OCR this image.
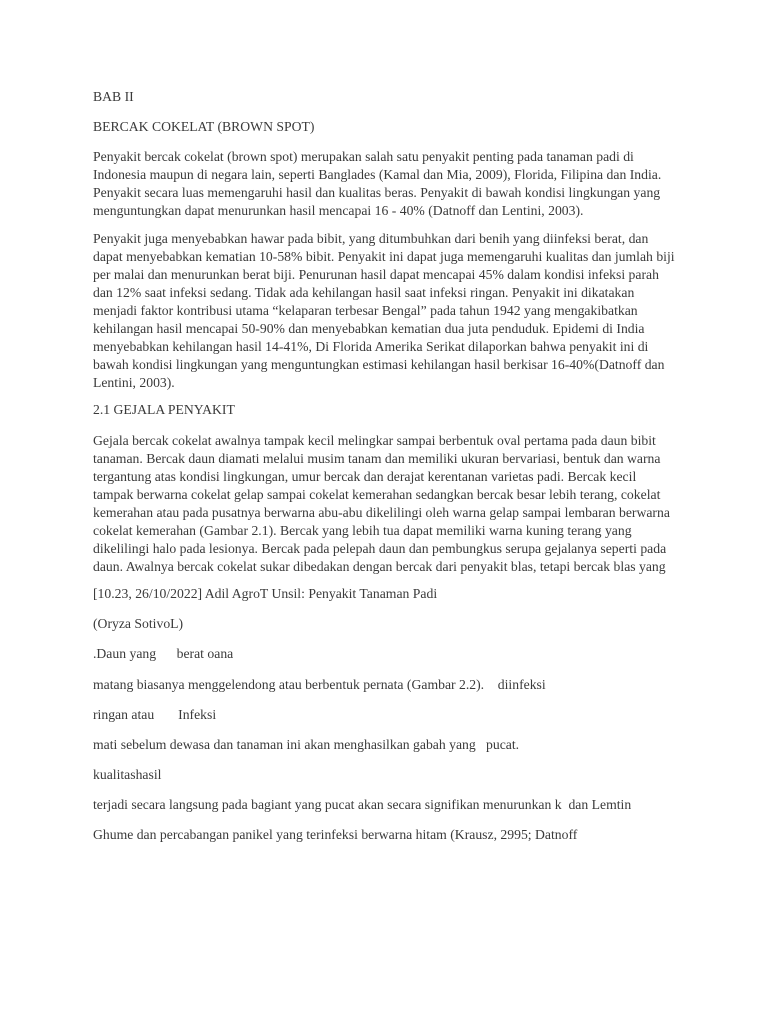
BAB II

BERCAK COKELAT (BROWN SPOT)

Penyakit bercak cokelat (brown spot) merupakan salah satu penyakit penting pada tanaman padi di Indonesia maupun di negara lain, seperti Banglades (Kamal dan Mia, 2009), Florida, Filipina dan India. Penyakit secara luas memengaruhi hasil dan kualitas beras. Penyakit di bawah kondisi lingkungan yang menguntungkan dapat menurunkan hasil mencapai 16 - 40% (Datnoff dan Lentini, 2003).

Penyakit juga menyebabkan hawar pada bibit, yang ditumbuhkan dari benih yang diinfeksi berat, dan dapat menyebabkan kematian 10-58% bibit. Penyakit ini dapat juga memengaruhi kualitas dan jumlah biji per malai dan menurunkan berat biji. Penurunan hasil dapat mencapai 45% dalam kondisi infeksi parah dan 12% saat infeksi sedang. Tidak ada kehilangan hasil saat infeksi ringan. Penyakit ini dikatakan menjadi faktor kontribusi utama “kelaparan terbesar Bengal” pada tahun 1942 yang mengakibatkan kehilangan hasil mencapai 50-90% dan menyebabkan kematian dua juta penduduk. Epidemi di India menyebabkan kehilangan hasil 14-41%, Di Florida Amerika Serikat dilaporkan bahwa penyakit ini di bawah kondisi lingkungan yang menguntungkan estimasi kehilangan hasil berkisar 16-40%(Datnoff dan Lentini, 2003).

2.1 GEJALA PENYAKIT

Gejala bercak cokelat awalnya tampak kecil melingkar sampai berbentuk oval pertama pada daun bibit tanaman. Bercak daun diamati melalui musim tanam dan memiliki ukuran bervariasi, bentuk dan warna tergantung atas kondisi lingkungan, umur bercak dan derajat kerentanan varietas padi. Bercak kecil tampak berwarna cokelat gelap sampai cokelat kemerahan sedangkan bercak besar lebih terang, cokelat kemerahan atau pada pusatnya berwarna abu-abu dikelilingi oleh warna gelap sampai lembaran berwarna cokelat kemerahan (Gambar 2.1). Bercak yang lebih tua dapat memiliki warna kuning terang yang dikelilingi halo pada lesionya. Bercak pada pelepah daun dan pembungkus serupa gejalanya seperti pada daun. Awalnya bercak cokelat sukar dibedakan dengan bercak dari penyakit blas, tetapi bercak blas yang

[10.23, 26/10/2022] Adil AgroT Unsil: Penyakit Tanaman Padi

(Oryza SotivoL)

.Daun yang      berat oana

matang biasanya menggelendong atau berbentuk pernata (Gambar 2.2).    diinfeksi

ringan atau       Infeksi

mati sebelum dewasa dan tanaman ini akan menghasilkan gabah yang   pucat.

kualitashasil

terjadi secara langsung pada bagiant yang pucat akan secara signifikan menurunkan k  dan Lemtin

Ghume dan percabangan panikel yang terinfeksi berwarna hitam (Krausz, 2995; Datnoff
